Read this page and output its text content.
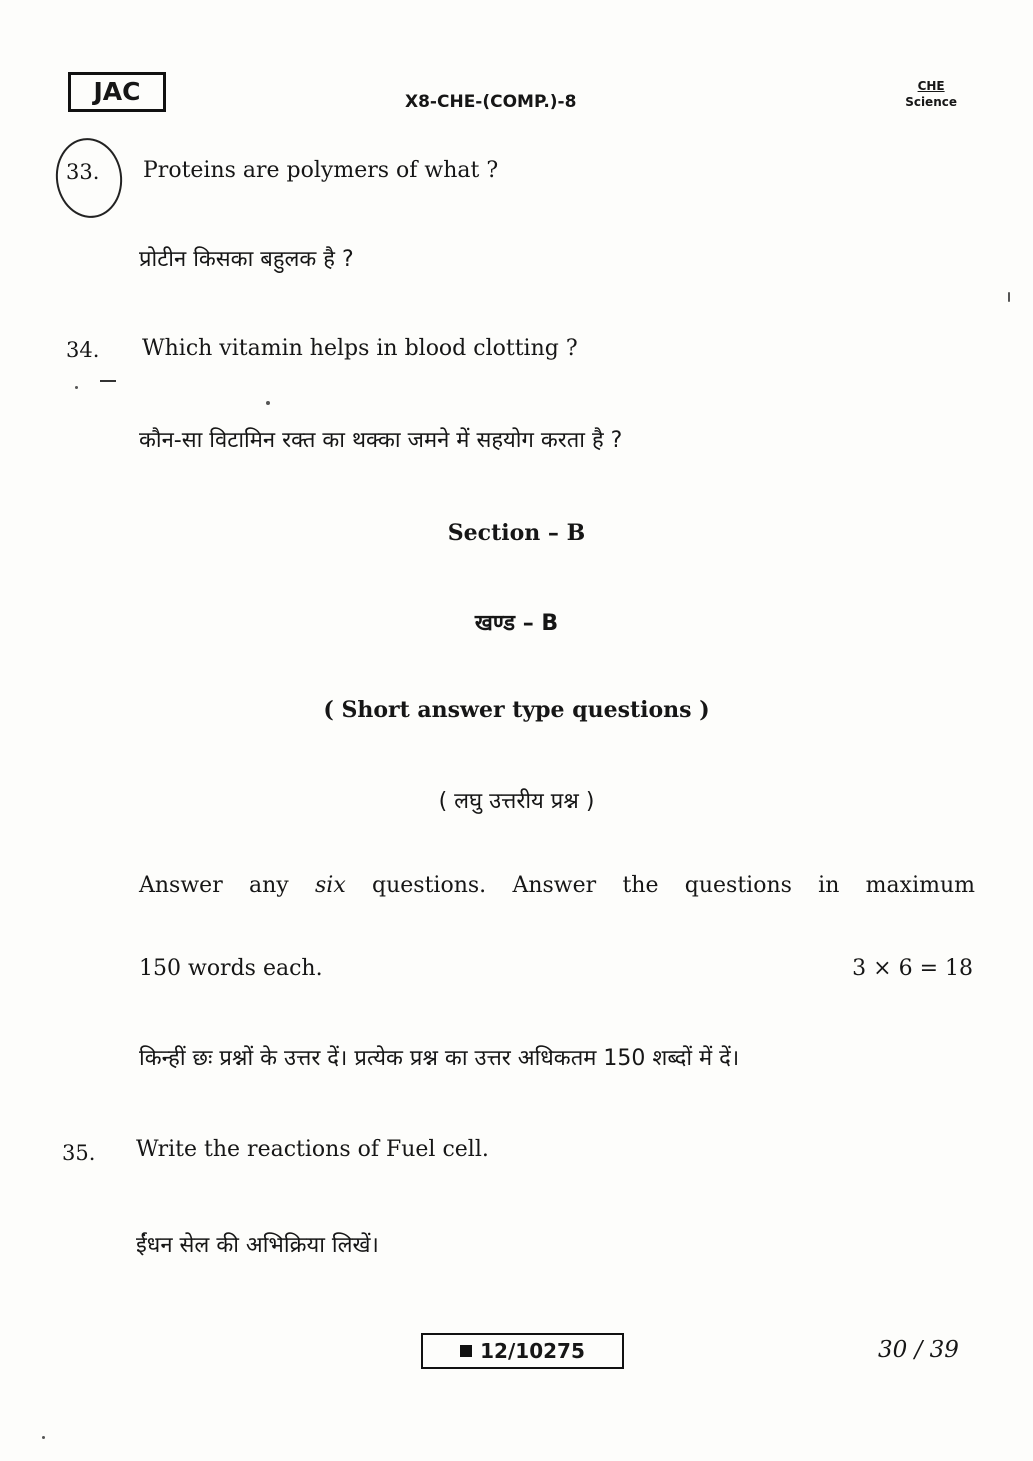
JAC	X8-CHE-(COMP.)-8
CHE
Science
33. Proteins are polymers of what ?
प्रोटीन किसका बहुलक है ?
34. Which vitamin helps in blood clotting ?
कौन-सा विटामिन रक्त का थक्का जमने में सहयोग करता है ?
Section – B
खण्ड – B
( Short answer type questions )
( लघु उत्तरीय प्रश्न )
Answer any six questions. Answer the questions in maximum
150 words each.	3 × 6 = 18
किन्हीं छः प्रश्नों के उत्तर दें। प्रत्येक प्रश्न का उत्तर अधिकतम 150 शब्दों में दें।
35. Write the reactions of Fuel cell.
ईंधन सेल की अभिक्रिया लिखें।
12/10275	30 / 39
